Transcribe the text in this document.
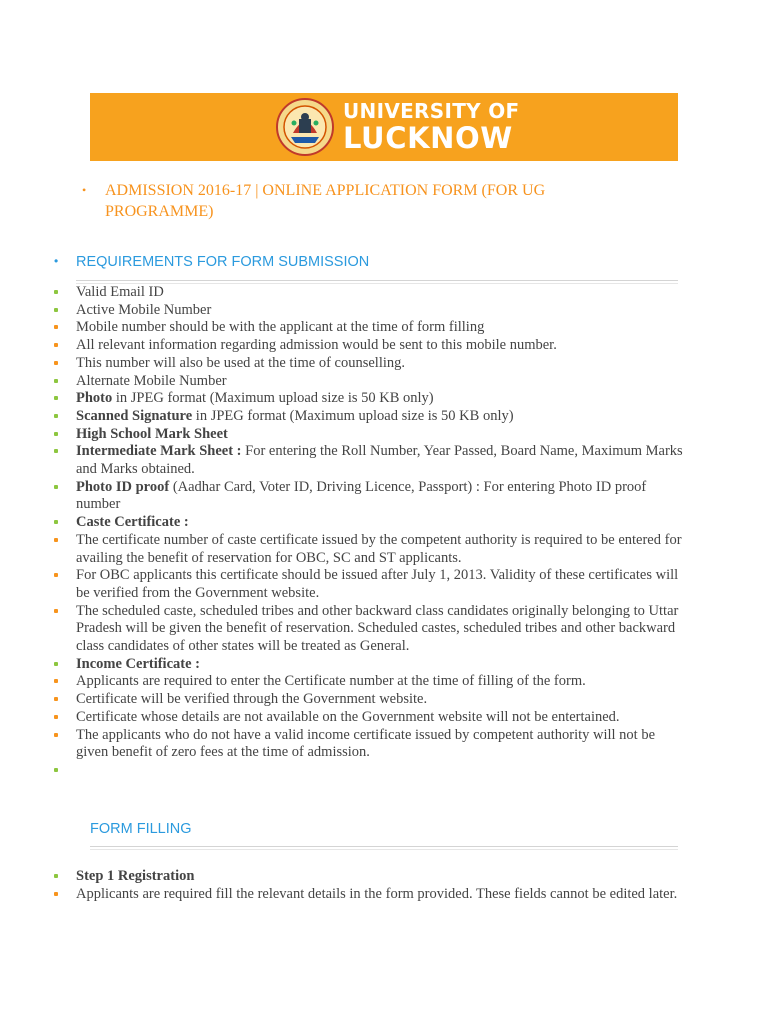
UNIVERSITY OF
LUCKNOW
• ADMISSION 2016-17 | ONLINE APPLICATION FORM (FOR UG PROGRAMME)
• REQUIREMENTS FOR FORM SUBMISSION
Valid Email ID
Active Mobile Number
Mobile number should be with the applicant at the time of form filling
All relevant information regarding admission would be sent to this mobile number.
This number will also be used at the time of counselling.
Alternate Mobile Number
Photo in JPEG format (Maximum upload size is 50 KB only)
Scanned Signature in JPEG format (Maximum upload size is 50 KB only)
High School Mark Sheet
Intermediate Mark Sheet : For entering the Roll Number, Year Passed, Board Name, Maximum Marks and Marks obtained.
Photo ID proof (Aadhar Card, Voter ID, Driving Licence, Passport) : For entering Photo ID proof number
Caste Certificate :
The certificate number of caste certificate issued by the competent authority is required to be entered for availing the benefit of reservation for OBC, SC and ST applicants.
For OBC applicants this certificate should be issued after July 1, 2013. Validity of these certificates will be verified from the Government website.
The scheduled caste, scheduled tribes and other backward class candidates originally belonging to Uttar Pradesh will be given the benefit of reservation. Scheduled castes, scheduled tribes and other backward class candidates of other states will be treated as General.
Income Certificate :
Applicants are required to enter the Certificate number at the time of filling of the form.
Certificate will be verified through the Government website.
Certificate whose details are not available on the Government website will not be entertained.
The applicants who do not have a valid income certificate issued by competent authority will not be given benefit of zero fees at the time of admission.
FORM FILLING
Step 1 Registration
Applicants are required fill the relevant details in the form provided. These fields cannot be edited later.
